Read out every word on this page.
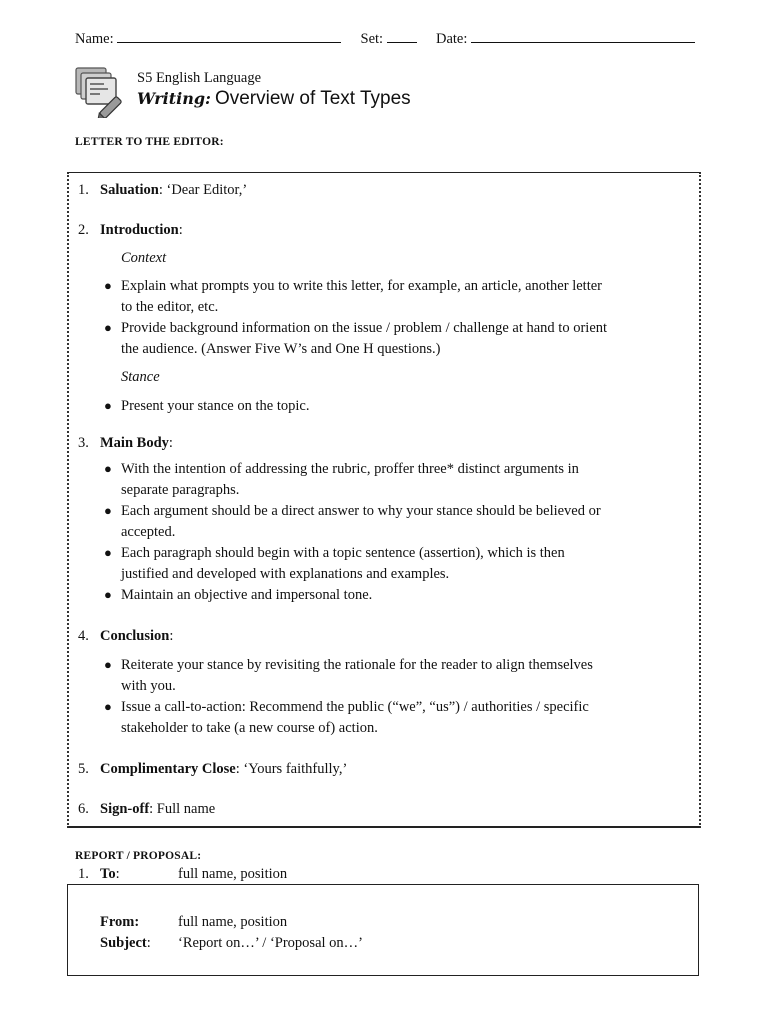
Name:	Set:	Date:
S5 English Language
Writing: Overview of Text Types
LETTER TO THE EDITOR:
1. Saluation: ‘Dear Editor,’
2. Introduction:
Context
● Explain what prompts you to write this letter, for example, an article, another letter
to the editor, etc.
● Provide background information on the issue / problem / challenge at hand to orient
the audience. (Answer Five W’s and One H questions.)
Stance
● Present your stance on the topic.
3. Main Body:
● With the intention of addressing the rubric, proffer three* distinct arguments in
separate paragraphs.
● Each argument should be a direct answer to why your stance should be believed or
accepted.
● Each paragraph should begin with a topic sentence (assertion), which is then
justified and developed with explanations and examples.
● Maintain an objective and impersonal tone.
4. Conclusion:
● Reiterate your stance by revisiting the rationale for the reader to align themselves
with you.
● Issue a call-to-action: Recommend the public (“we”, “us”) / authorities / specific
stakeholder to take (a new course of) action.
5. Complimentary Close: ‘Yours faithfully,’
6. Sign-off: Full name
REPORT / PROPOSAL:
1. To:	full name, position
From:	full name, position
Subject: ‘Report on…’ / ‘Proposal on…’
